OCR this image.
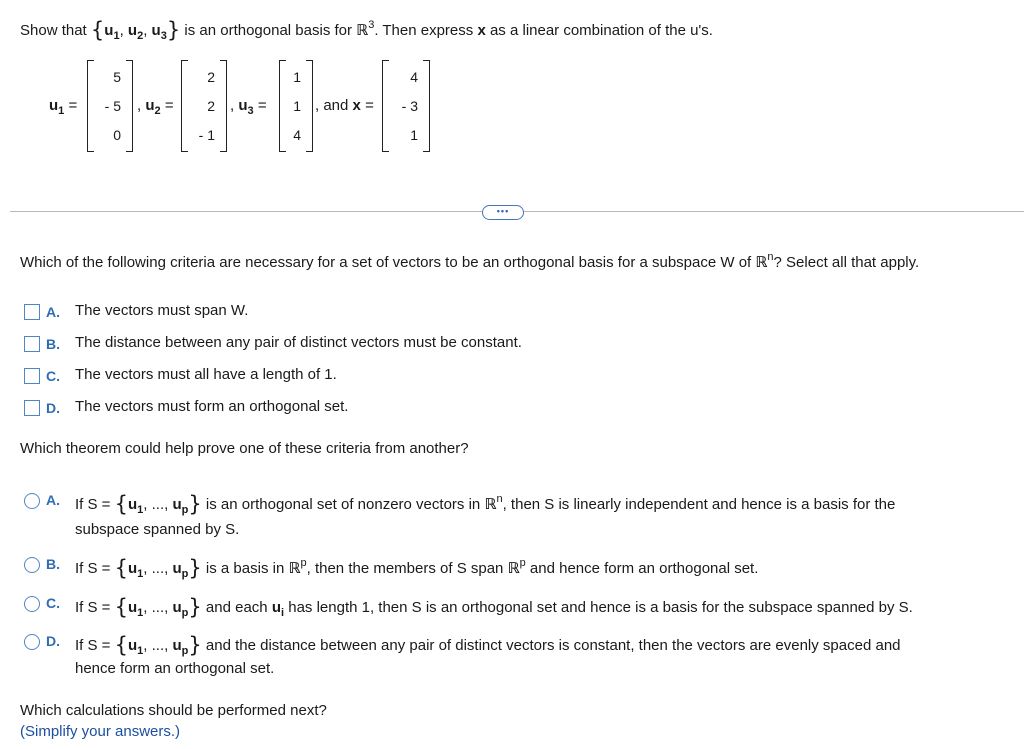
Show that {$u_1$, $u_2$, $u_3$} is an orthogonal basis for ℝ$^3$. Then express x as a linear combination of the u's.
$u_1$ =
5
- 5
0
, $u_2$ =
2
2
- 1
, $u_3$ =
1
1
4
, and x =
4
- 3
1
•••
Which of the following criteria are necessary for a set of vectors to be an orthogonal basis for a subspace W of ℝ$^n$? Select all that apply.
A. The vectors must span W.
B. The distance between any pair of distinct vectors must be constant.
C. The vectors must all have a length of 1.
D. The vectors must form an orthogonal set.
Which theorem could help prove one of these criteria from another?
A. If $S = \{u_1$, ..., $u_p$} is an orthogonal set of nonzero vectors in ℝ$^n$, then S is linearly independent and hence is a basis for the
subspace spanned by S.
B. If $S = \{u_1$, ..., $u_p$} is a basis in ℝ$^p$, then the members of S span ℝ$^p$ and hence form an orthogonal set.
C. If $S = \{u_1$, ..., $u_p$} and each $u_i$ has length 1, then S is an orthogonal set and hence is a basis for the subspace spanned by S.
D. If $S = \{u_1$, ..., $u_p$} and the distance between any pair of distinct vectors is constant, then the vectors are evenly spaced and
hence form an orthogonal set.
Which calculations should be performed next?
(Simplify your answers.)
